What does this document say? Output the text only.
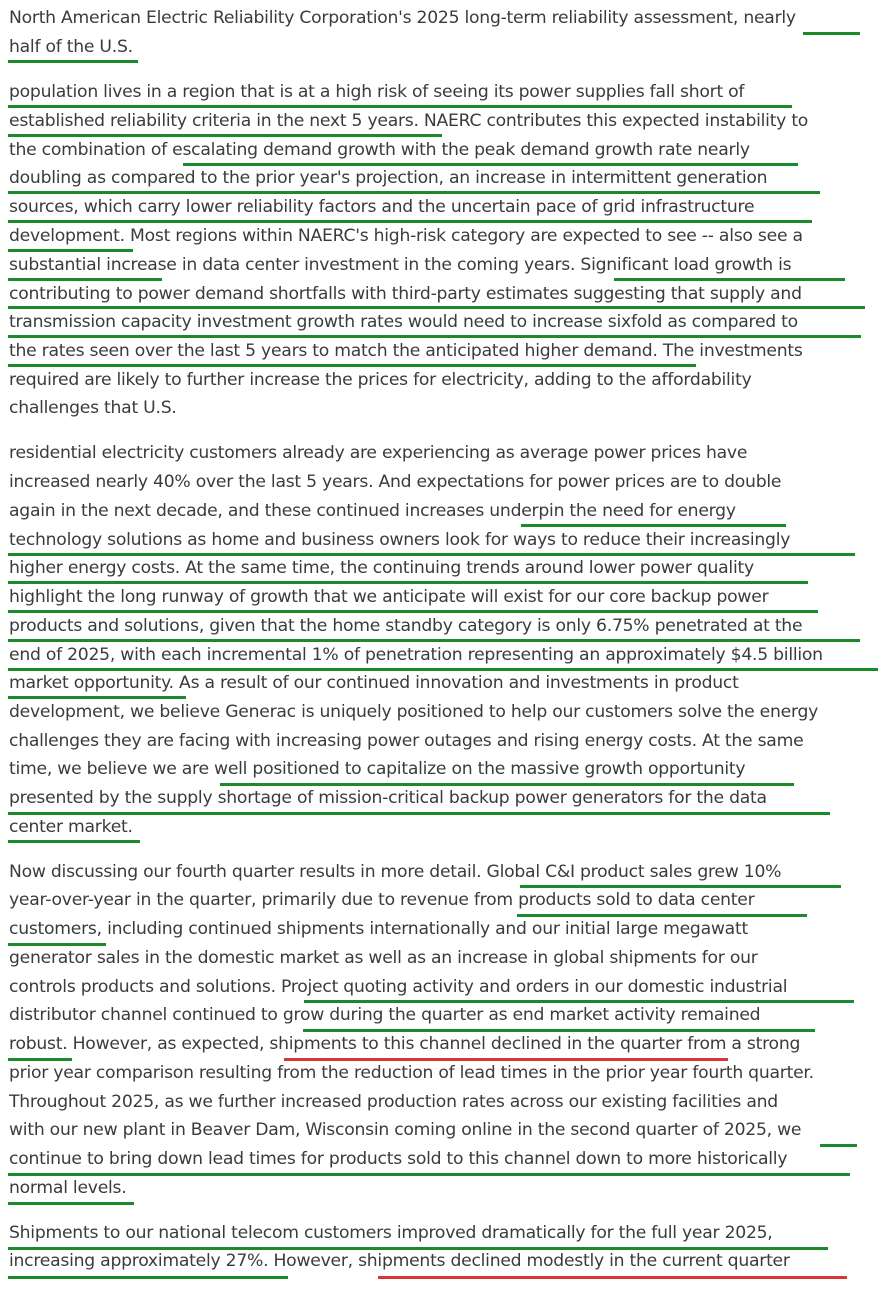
North American Electric Reliability Corporation's 2025 long-term reliability assessment, nearly
half of the U.S.
population lives in a region that is at a high risk of seeing its power supplies fall short of
established reliability criteria in the next 5 years. NAERC contributes this expected instability to
the combination of escalating demand growth with the peak demand growth rate nearly
doubling as compared to the prior year's projection, an increase in intermittent generation
sources, which carry lower reliability factors and the uncertain pace of grid infrastructure
development. Most regions within NAERC's high-risk category are expected to see -- also see a
substantial increase in data center investment in the coming years. Significant load growth is
contributing to power demand shortfalls with third-party estimates suggesting that supply and
transmission capacity investment growth rates would need to increase sixfold as compared to
the rates seen over the last 5 years to match the anticipated higher demand. The investments
required are likely to further increase the prices for electricity, adding to the affordability
challenges that U.S.
residential electricity customers already are experiencing as average power prices have
increased nearly 40% over the last 5 years. And expectations for power prices are to double
again in the next decade, and these continued increases underpin the need for energy
technology solutions as home and business owners look for ways to reduce their increasingly
higher energy costs. At the same time, the continuing trends around lower power quality
highlight the long runway of growth that we anticipate will exist for our core backup power
products and solutions, given that the home standby category is only 6.75% penetrated at the
end of 2025, with each incremental 1% of penetration representing an approximately $4.5 billion
market opportunity. As a result of our continued innovation and investments in product
development, we believe Generac is uniquely positioned to help our customers solve the energy
challenges they are facing with increasing power outages and rising energy costs. At the same
time, we believe we are well positioned to capitalize on the massive growth opportunity
presented by the supply shortage of mission-critical backup power generators for the data
center market.
Now discussing our fourth quarter results in more detail. Global C&I product sales grew 10%
year-over-year in the quarter, primarily due to revenue from products sold to data center
customers, including continued shipments internationally and our initial large megawatt
generator sales in the domestic market as well as an increase in global shipments for our
controls products and solutions. Project quoting activity and orders in our domestic industrial
distributor channel continued to grow during the quarter as end market activity remained
robust. However, as expected, shipments to this channel declined in the quarter from a strong
prior year comparison resulting from the reduction of lead times in the prior year fourth quarter.
Throughout 2025, as we further increased production rates across our existing facilities and
with our new plant in Beaver Dam, Wisconsin coming online in the second quarter of 2025, we
continue to bring down lead times for products sold to this channel down to more historically
normal levels.
Shipments to our national telecom customers improved dramatically for the full year 2025,
increasing approximately 27%. However, shipments declined modestly in the current quarter
